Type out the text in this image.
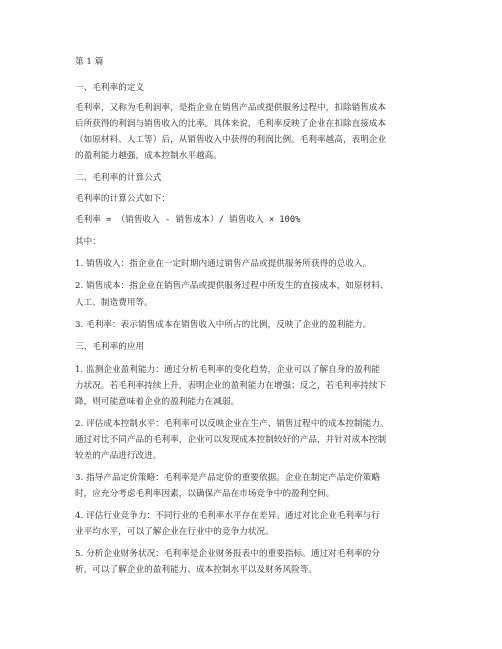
第 1 篇
一、毛利率的定义
毛利率，又称为毛利润率，是指企业在销售产品或提供服务过程中，扣除销售成本
后所获得的利润与销售收入的比率。具体来说，毛利率反映了企业在扣除直接成本
（如原材料、人工等）后，从销售收入中获得的利润比例。毛利率越高，表明企业
的盈利能力越强，成本控制水平越高。
二、毛利率的计算公式
毛利率的计算公式如下：
毛利率 = （销售收入 - 销售成本）/ 销售收入 × 100%
其中：
1. 销售收入：指企业在一定时期内通过销售产品或提供服务所获得的总收入。
2. 销售成本：指企业在销售产品或提供服务过程中所发生的直接成本，如原材料、
人工、制造费用等。
3. 毛利率：表示销售成本在销售收入中所占的比例，反映了企业的盈利能力。
三、毛利率的应用
1. 监测企业盈利能力：通过分析毛利率的变化趋势，企业可以了解自身的盈利能
力状况。若毛利率持续上升，表明企业的盈利能力在增强；反之，若毛利率持续下
降，则可能意味着企业的盈利能力在减弱。
2. 评估成本控制水平：毛利率可以反映企业在生产、销售过程中的成本控制能力。
通过对比不同产品的毛利率，企业可以发现成本控制较好的产品，并针对成本控制
较差的产品进行改进。
3. 指导产品定价策略：毛利率是产品定价的重要依据。企业在制定产品定价策略
时，应充分考虑毛利率因素，以确保产品在市场竞争中的盈利空间。
4. 评估行业竞争力：不同行业的毛利率水平存在差异。通过对比企业毛利率与行
业平均水平，可以了解企业在行业中的竞争力状况。
5. 分析企业财务状况：毛利率是企业财务报表中的重要指标。通过对毛利率的分
析，可以了解企业的盈利能力、成本控制水平以及财务风险等。
